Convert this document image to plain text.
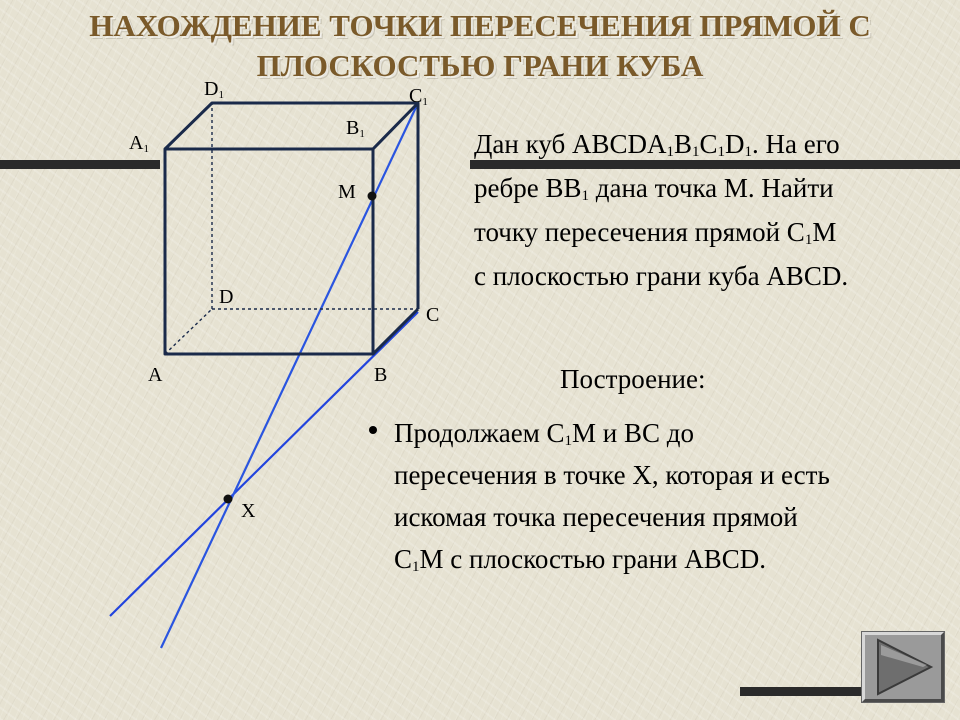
НАХОЖДЕНИЕ ТОЧКИ ПЕРЕСЕЧЕНИЯ ПРЯМОЙ С
ПЛОСКОСТЬЮ ГРАНИ КУБА
$A_1$
$D_1$	$C_1$
$B_1$
M
D
C
A	B
X
Дан куб $ABCDA_1B_1C_1D_1$. На его
ребре $BB_1$ дана точка M. Найти
точку пересечения прямой $C_1M$
с плоскостью грани куба ABCD.
Построение:
Продолжаем $C_1M$ и BC до
пересечения в точке X, которая и есть
искомая точка пересечения прямой
$C_1M$ с плоскостью грани ABCD.
